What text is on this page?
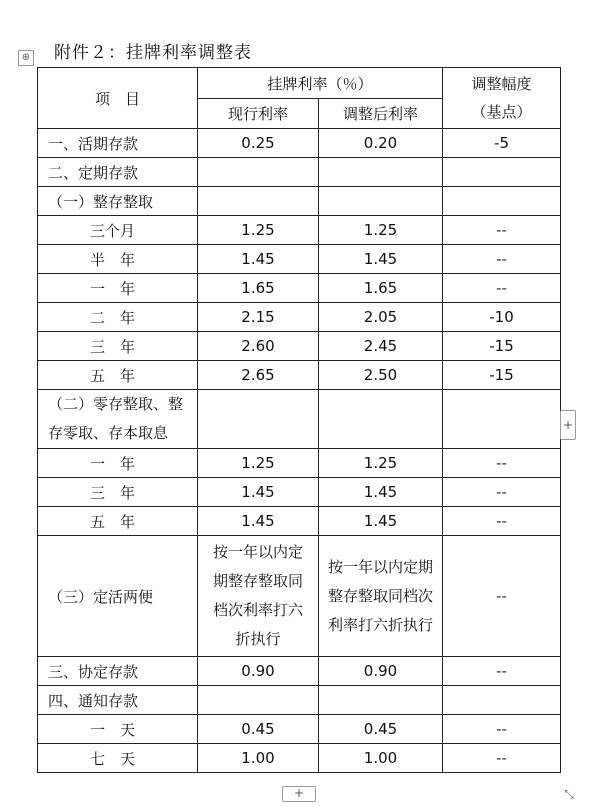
⊕ 附件２：挂牌利率调整表
项　目	挂牌利率（％）		调整幅度
（基点）
	现行利率	调整后利率	
一、活期存款	0.25	0.20	-5
二、定期存款			
（一）整存整取			
三个月	1.25	1.25	--
半　年	1.45	1.45	--
一　年	1.65	1.65	--
二　年	2.15	2.05	-10
三　年	2.60	2.45	-15
五　年	2.65	2.50	-15
（二）零存整取、整
存零取、存本取息			
一　年	1.25	1.25	--
三　年	1.45	1.45	--
五　年	1.45	1.45	--
（三）定活两便	按一年以内定期整存整取同档次利率打六折执行	按一年以内定期整存整取同档次利率打六折执行	--
三、协定存款	0.90	0.90	--
四、通知存款			
一　天	0.45	0.45	--
七　天	1.00	1.00	--
+
+	⤡
